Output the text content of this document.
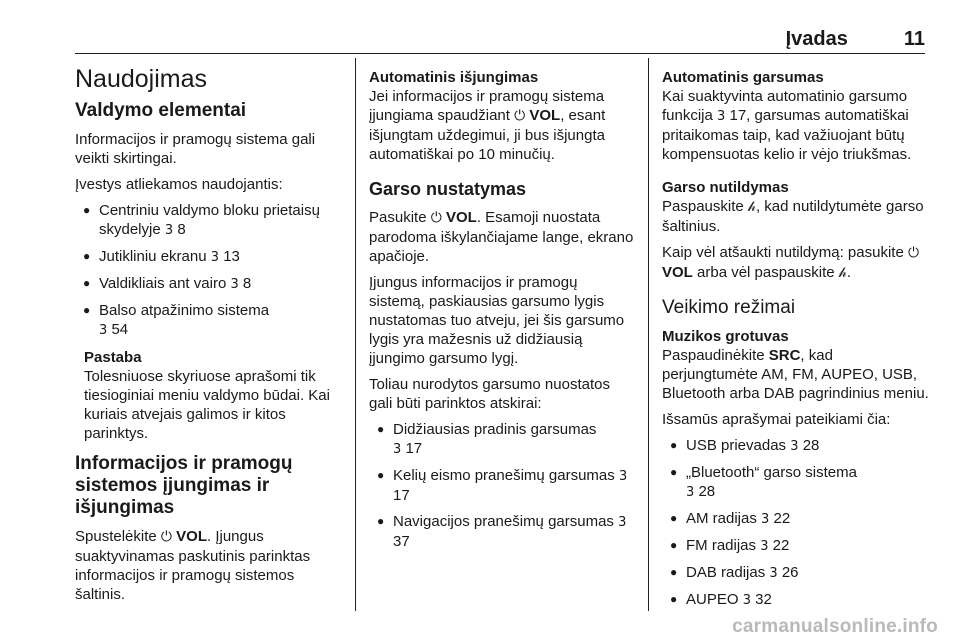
Įvadas	11
Naudojimas
Valdymo elementai

Informacijos ir pramogų sistema gali veikti skirtingai.

Įvestys atliekamos naudojantis:

● Centriniu valdymo bloku prietaisų skydelyje 3 8
● Jutikliniu ekranu 3 13
● Valdikliais ant vairo 3 8
● Balso atpažinimo sistema
3 54
Pastaba
Tolesniuose skyriuose aprašomi tik tiesioginiai meniu valdymo būdai. Kai kuriais atvejais galimos ir kitos parinktys.
Informacijos ir pramogų sistemos įjungimas ir išjungimas

Spustelėkite ⏻ VOL. Įjungus suaktyvinamas paskutinis parinktas informacijos ir pramogų sistemos šaltinis.

Automatinis išjungimas

Jei informacijos ir pramogų sistema įjungiama spaudžiant ⏻ VOL, esant išjungtam uždegimui, ji bus išjungta automatiškai po 10 minučių.

Garso nustatymas

Pasukite ⏻ VOL. Esamoji nuostata parodoma iškylančiajame lange, ekrano apačioje.

Įjungus informacijos ir pramogų sistemą, paskiausias garsumo lygis nustatomas tuo atveju, jei šis garsumo lygis yra mažesnis už didžiausią įjungimo garsumo lygį.

Toliau nurodytos garsumo nuostatos gali būti parinktos atskirai:

● Didžiausias pradinis garsumas
3 17
● Kelių eismo pranešimų garsumas 3 17
● Navigacijos pranešimų garsumas 3 37
Automatinis garsumas

Kai suaktyvinta automatinio garsumo funkcija 3 17, garsumas automatiškai pritaikomas taip, kad važiuojant būtų kompensuotas kelio ir vėjo triukšmas.

Garso nutildymas

Paspauskite 𝒽, kad nutildytumėte garso šaltinius.

Kaip vėl atšaukti nutildymą: pasukite ⏻ VOL arba vėl paspauskite 𝒽.

Veikimo režimai
Muzikos grotuvas

Paspaudinėkite SRC, kad perjungtumėte AM, FM, AUPEO, USB, Bluetooth arba DAB pagrindinius meniu.

Išsamūs aprašymai pateikiami čia:

● USB prievadas 3 28
● „Bluetooth“ garso sistema
3 28
● AM radijas 3 22
● FM radijas 3 22
● DAB radijas 3 26
● AUPEO 3 32
carmanualsonline.info
